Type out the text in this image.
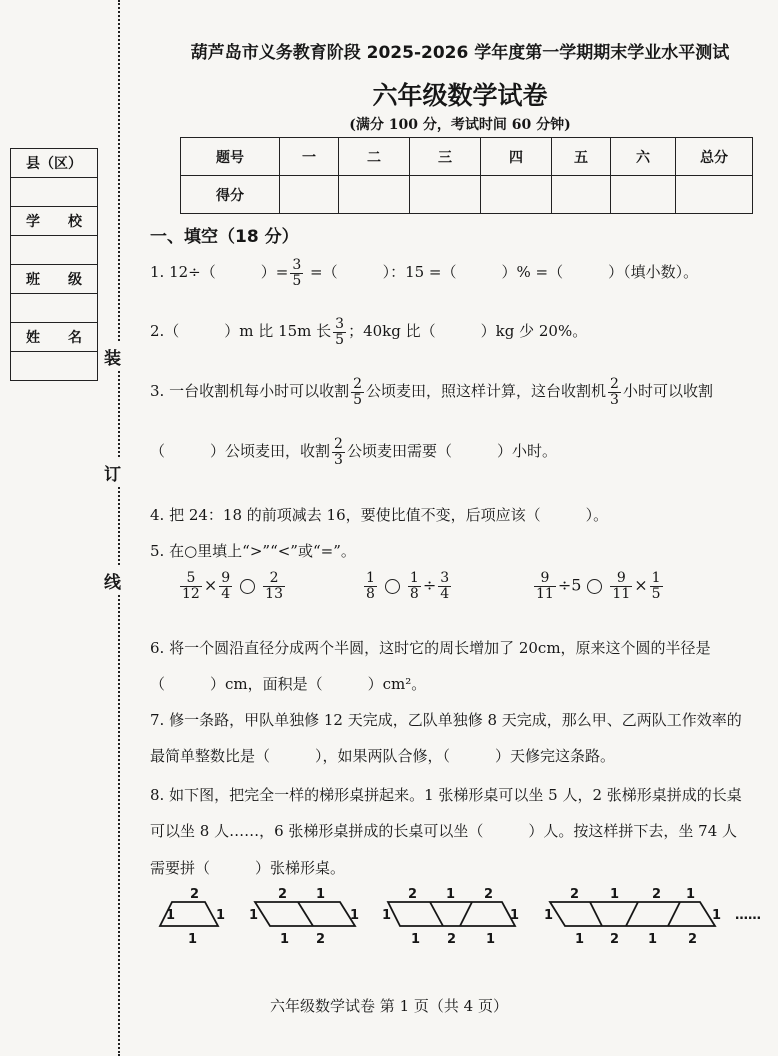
装
订
线
县（区）

学　　校

班　　级

姓　　名

葫芦岛市义务教育阶段 2025-2026 学年度第一学期期末学业水平测试
六年级数学试卷
(满分 100 分，考试时间 60 分钟)
题号	一	二	三	四	五	六	总分
得分							
一、填空（18 分）
1. 12÷（　　　）= $\frac{3}{5}$ =（　　　）：15 =（　　　）% =（　　　）（填小数）。
2.（　　　）m 比 15m 长 $\frac{3}{5}$ ；40kg 比（　　　）kg 少 20%。
3. 一台收割机每小时可以收割 $\frac{2}{5}$ 公顷麦田，照这样计算，这台收割机 $\frac{2}{3}$ 小时可以收割
（　　　）公顷麦田，收割 $\frac{2}{3}$ 公顷麦田需要（　　　）小时。
4. 把 24：18 的前项减去 16，要使比值不变，后项应该（　　　）。
5. 在○里填上“>”“<”或“=”。
$\frac{5}{12} \times \frac{9}{4} \frac{2}{13}$	$\frac{1}{8} \frac{1}{8} \div \frac{3}{4}$	$\frac{9}{11} \div 5 \frac{9}{11} \times \frac{1}{5}$
6. 将一个圆沿直径分成两个半圆，这时它的周长增加了 20cm，原来这个圆的半径是
（　　　）cm，面积是（　　　）cm²。
7. 修一条路，甲队单独修 12 天完成，乙队单独修 8 天完成，那么甲、乙两队工作效率的
最简单整数比是（　　　），如果两队合修，（　　　）天修完这条路。
8. 如下图，把完全一样的梯形桌拼起来。1 张梯形桌可以坐 5 人，2 张梯形桌拼成的长桌
可以坐 8 人……，6 张梯形桌拼成的长桌可以坐（　　　）人。按这样拼下去，坐 74 人
需要拼（　　　）张梯形桌。
2
1	1
1
2 1
1	1
1 2
2 1 2
1	1
1 2 1
2 1	2 1
1	1
1 2 1 2
……
六年级数学试卷 第 1 页（共 4 页）
